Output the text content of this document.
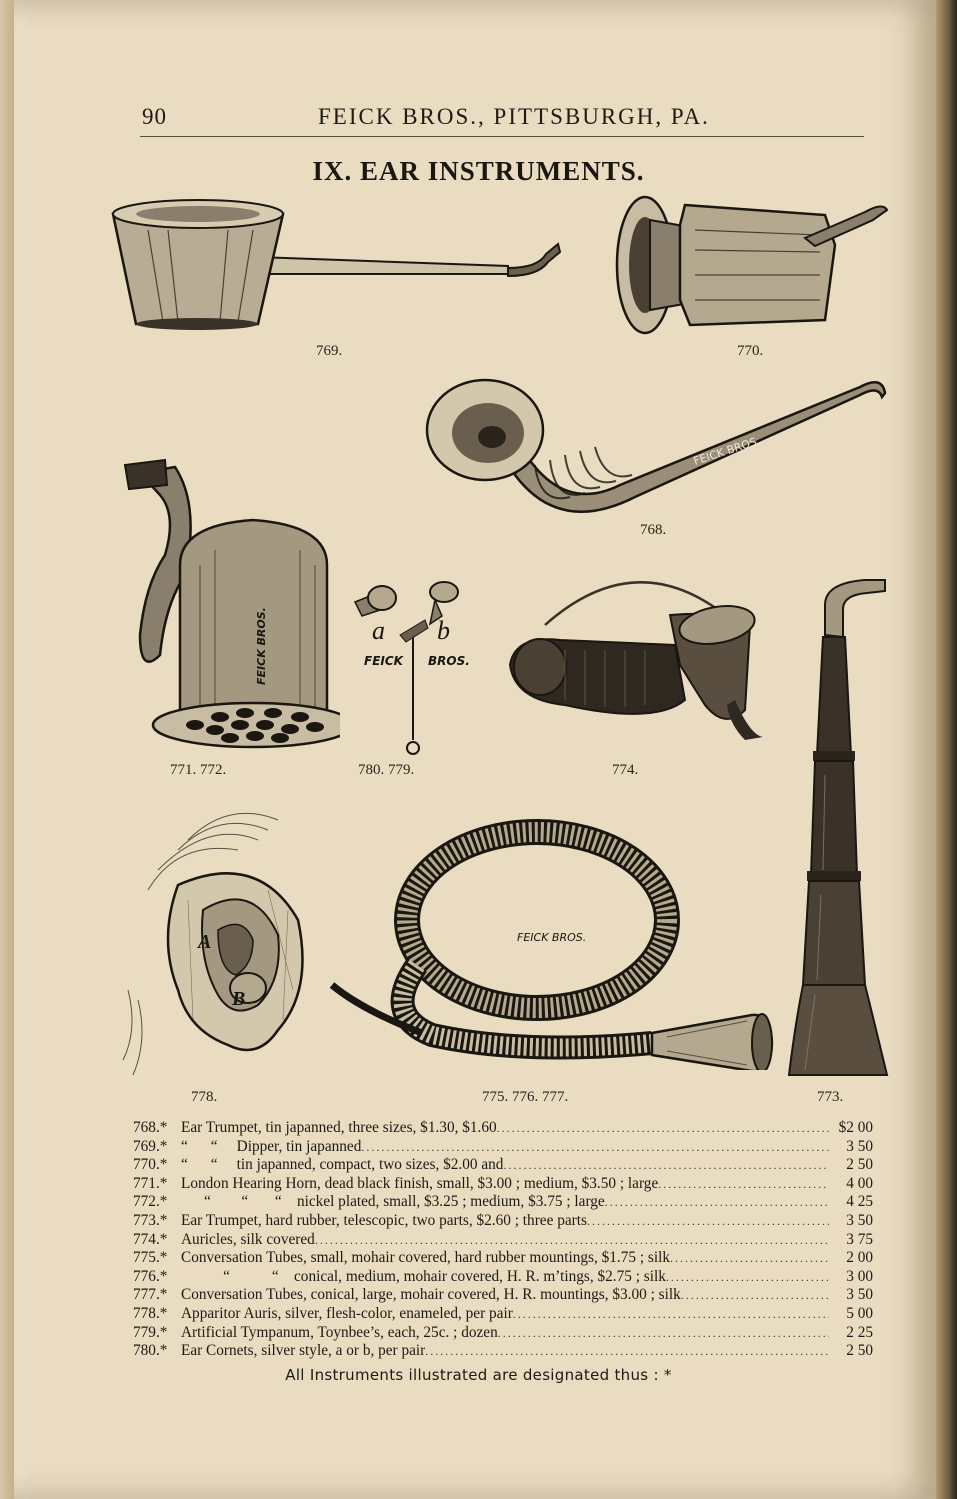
90	FEICK BROS., PITTSBURGH, PA.
IX. EAR INSTRUMENTS.
769.	770.
FEICK BROS.
768.
FEICK BROS.
771. 772.
a b
FEICK BROS.
780. 779.	774.
773.
A
B
778.
FEICK BROS.
775. 776. 777.
768.* Ear Trumpet, tin japanned, three sizes, $1.30, $1.60 .....	$2 00
769.* “      “     Dipper, tin japanned .....	3 50
770.* “      “     tin japanned, compact, two sizes, $2.00 and .....	2 50
771.* London Hearing Horn, dead black finish, small, $3.00 ; medium, $3.50 ; large .....	4 00
772.* “        “       “    nickel plated, small, $3.25 ; medium, $3.75 ; large .....	4 25
773.* Ear Trumpet, hard rubber, telescopic, two parts, $2.60 ; three parts .....	3 50
774.* Auricles, silk covered .....	3 75
775.* Conversation Tubes, small, mohair covered, hard rubber mountings, $1.75 ; silk .....	2 00
776.* “           “    conical, medium, mohair covered, H. R. m’tings, $2.75 ; silk .....	3 00
777.* Conversation Tubes, conical, large, mohair covered, H. R. mountings, $3.00 ; silk .....	3 50
778.* Apparitor Auris, silver, flesh-color, enameled, per pair .....	5 00
779.* Artificial Tympanum, Toynbee’s, each, 25c. ; dozen .....	2 25
780.* Ear Cornets, silver style, a or b, per pair .....	2 50
All Instruments illustrated are designated thus : *
